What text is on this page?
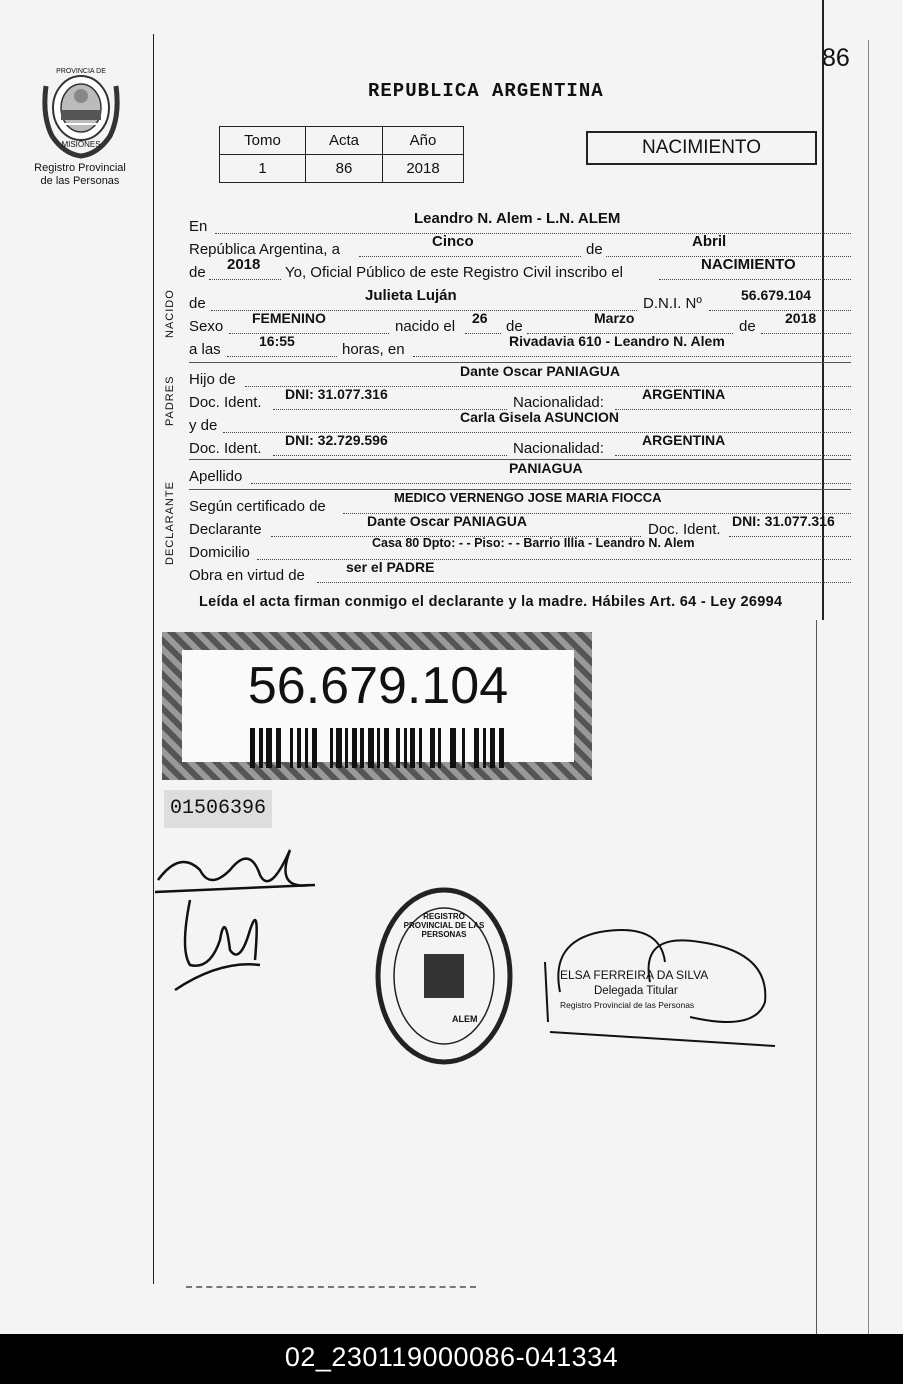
86
PROVINCIA DE
MISIONES
Registro Provincial
de las Personas
REPUBLICA ARGENTINA
Tomo	Acta	Año
1	86	2018
NACIMIENTO
En	Leandro N. Alem - L.N. ALEM
República Argentina, a	Cinco	de	Abril
de 2018 Yo, Oficial Público de este Registro Civil inscribo el	NACIMIENTO
NACIDO de	Julieta Luján	D.N.I. Nº	56.679.104
Sexo FEMENINO	nacido el 26 de	Marzo	de 2018
a las	16:55	horas, en	Rivadavia 610 - Leandro N. Alem
PADRES Hijo de	Dante Oscar PANIAGUA
Doc. Ident. DNI: 31.077.316	Nacionalidad:	ARGENTINA
y de	Carla Gisela ASUNCION
Doc. Ident. DNI: 32.729.596	Nacionalidad:	ARGENTINA
Apellido	PANIAGUA
DECLARANTE Según certificado de
MEDICO VERNENGO JOSE MARIA FIOCCA
Declarante	Dante Oscar PANIAGUA	Doc. Ident. DNI: 31.077.316
Domicilio
Casa 80 Dpto: - - Piso: - - Barrio Illia - Leandro N. Alem
Obra en virtud de	ser el PADRE
Leída el acta firman conmigo el declarante y la madre. Hábiles Art. 64 - Ley 26994
56.679.104
01506396
REGISTRO PROVINCIAL DE LAS PERSONAS
ALEM
ELSA FERREIRA DA SILVA
Delegada Titular
Registro Provincial de las Personas
02_230119000086-041334
